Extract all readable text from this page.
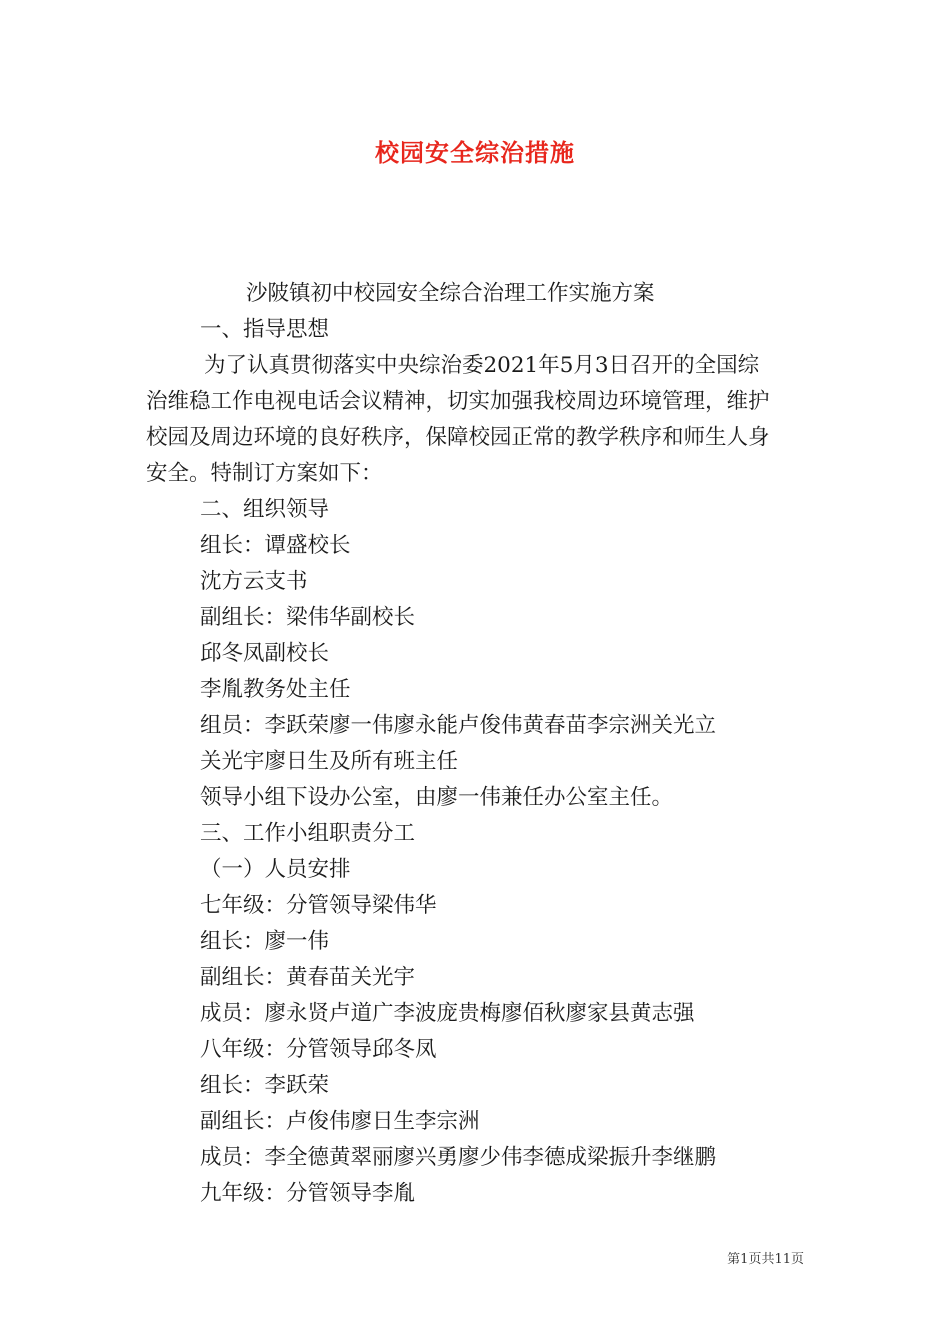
校园安全综治措施

沙陂镇初中校园安全综合治理工作实施方案

一、指导思想

为了认真贯彻落实中央综治委2021年5月3日召开的全国综

治维稳工作电视电话会议精神，切实加强我校周边环境管理，维护

校园及周边环境的良好秩序，保障校园正常的教学秩序和师生人身

安全。特制订方案如下：

二、组织领导

组长：谭盛校长

沈方云支书

副组长：梁伟华副校长

邱冬凤副校长

李胤教务处主任

组员：李跃荣廖一伟廖永能卢俊伟黄春苗李宗洲关光立

关光宇廖日生及所有班主任

领导小组下设办公室，由廖一伟兼任办公室主任。

三、工作小组职责分工

（一）人员安排

七年级：分管领导梁伟华

组长：廖一伟

副组长：黄春苗关光宇

成员：廖永贤卢道广李波庞贵梅廖佰秋廖家县黄志强

八年级：分管领导邱冬凤

组长：李跃荣

副组长：卢俊伟廖日生李宗洲

成员：李全德黄翠丽廖兴勇廖少伟李德成梁振升李继鹏

九年级：分管领导李胤

第1页共11页
